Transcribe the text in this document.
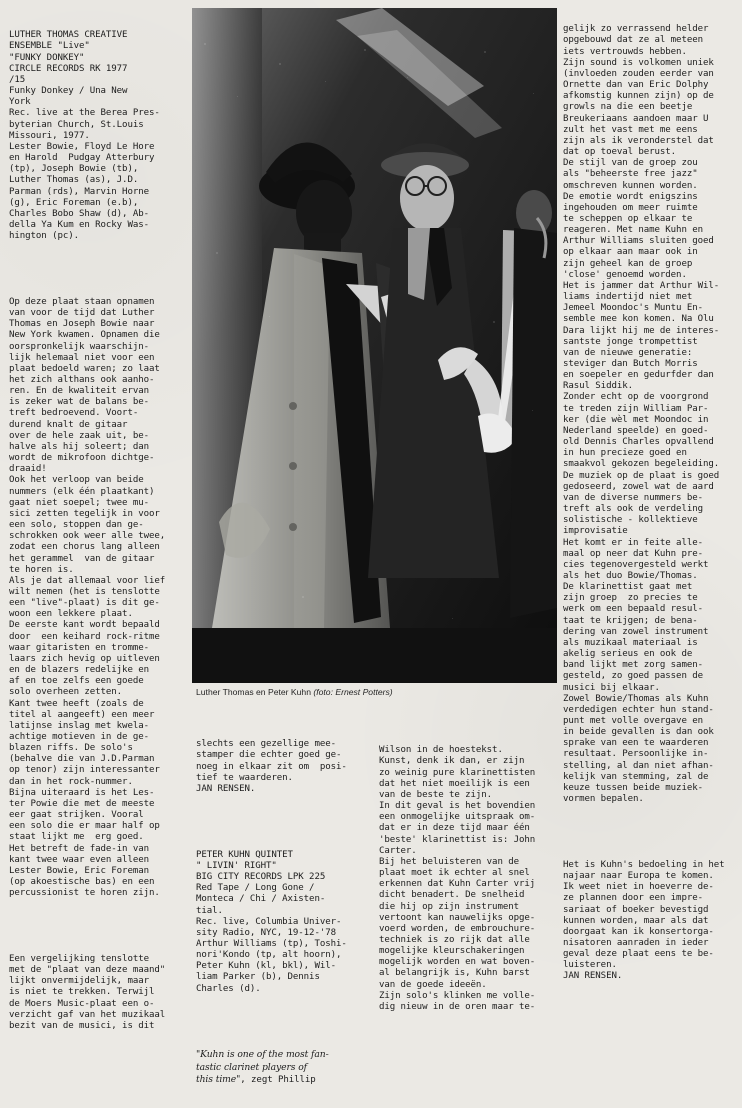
LUTHER THOMAS CREATIVE
ENSEMBLE "Live"
"FUNKY DONKEY"
CIRCLE RECORDS RK 1977
/15
Funky Donkey / Una New
York
Rec. live at the Berea Pres-
byterian Church, St.Louis
Missouri, 1977.
Lester Bowie, Floyd Le Hore
en Harold  Pudgay Atterbury
(tp), Joseph Bowie (tb),
Luther Thomas (as), J.D.
Parman (rds), Marvin Horne
(g), Eric Foreman (e.b),
Charles Bobo Shaw (d), Ab-
della Ya Kum en Rocky Was-
hington (pc).

Op deze plaat staan opnamen
van voor de tijd dat Luther
Thomas en Joseph Bowie naar
New York kwamen. Opnamen die
oorspronkelijk waarschijn-
lijk helemaal niet voor een
plaat bedoeld waren; zo laat
het zich althans ook aanho-
ren. En de kwaliteit ervan
is zeker wat de balans be-
treft bedroevend. Voort-
durend knalt de gitaar
over de hele zaak uit, be-
halve als hij soleert; dan
wordt de mikrofoon dichtge-
draaid!
Ook het verloop van beide
nummers (elk één plaatkant)
gaat niet soepel; twee mu-
sici zetten tegelijk in voor
een solo, stoppen dan ge-
schrokken ook weer alle twee,
zodat een chorus lang alleen
het gerammel  van de gitaar
te horen is.
Als je dat allemaal voor lief
wilt nemen (het is tenslotte
een "live"-plaat) is dit ge-
woon een lekkere plaat.
De eerste kant wordt bepaald
door  een keihard rock-ritme
waar gitaristen en tromme-
laars zich hevig op uitleven
en de blazers redelijke en
af en toe zelfs een goede
solo overheen zetten.
Kant twee heeft (zoals de
titel al aangeeft) een meer
latijnse inslag met kwela-
achtige motieven in de ge-
blazen riffs. De solo's
(behalve die van J.D.Parman
op tenor) zijn interessanter
dan in het rock-nummer.
Bijna uiteraard is het Les-
ter Powie die met de meeste
eer gaat strijken. Vooral
een solo die er maar half op
staat lijkt me  erg goed.
Het betreft de fade-in van
kant twee waar even alleen
Lester Bowie, Eric Foreman
(op akoestische bas) en een
percussionist te horen zijn.

Een vergelijking tenslotte
met de "plaat van deze maand"
lijkt onvermijdelijk, maar
is niet te trekken. Terwijl
de Moers Music-plaat een o-
verzicht gaf van het muzikaal
bezit van de musici, is dit

Luther Thomas en Peter Kuhn (foto: Ernest Potters)

slechts een gezellige mee-
stamper die echter goed ge-
noeg in elkaar zit om  posi-
tief te waarderen.
JAN RENSEN.

PETER KUHN QUINTET
" LIVIN' RIGHT"
BIG CITY RECORDS LPK 225
Red Tape / Long Gone /
Monteca / Chi / Axisten-
tial.
Rec. live, Columbia Univer-
sity Radio, NYC, 19-12-'78
Arthur Williams (tp), Toshi-
nori'Kondo (tp, alt hoorn),
Peter Kuhn (kl, bkl), Wil-
liam Parker (b), Dennis
Charles (d).

"Kuhn is one of the most fan-
tastic clarinet players of
this time", zegt Phillip

Wilson in de hoestekst.
Kunst, denk ik dan, er zijn
zo weinig pure klarinettisten
dat het niet moeilijk is een
van de beste te zijn.
In dit geval is het bovendien
een onmogelijke uitspraak om-
dat er in deze tijd maar één
'beste' klarinettist is: John
Carter.
Bij het beluisteren van de
plaat moet ik echter al snel
erkennen dat Kuhn Carter vrij
dicht benadert. De snelheid
die hij op zijn instrument
vertoont kan nauwelijks opge-
voerd worden, de embrouchure-
techniek is zo rijk dat alle
mogelijke kleurschakeringen
mogelijk worden en wat boven-
al belangrijk is, Kuhn barst
van de goede ideeën.
Zijn solo's klinken me volle-
dig nieuw in de oren maar te-

gelijk zo verrassend helder
opgebouwd dat ze al meteen
iets vertrouwds hebben.
Zijn sound is volkomen uniek
(invloeden zouden eerder van
Ornette dan van Eric Dolphy
afkomstig kunnen zijn) op de
growls na die een beetje
Breukeriaans aandoen maar U
zult het vast met me eens
zijn als ik veronderstel dat
dat op toeval berust.
De stijl van de groep zou
als "beheerste free jazz"
omschreven kunnen worden.
De emotie wordt enigszins
ingehouden om meer ruimte
te scheppen op elkaar te
reageren. Met name Kuhn en
Arthur Williams sluiten goed
op elkaar aan maar ook in
zijn geheel kan de groep
'close' genoemd worden.
Het is jammer dat Arthur Wil-
liams indertijd niet met
Jemeel Moondoc's Muntu En-
semble mee kon komen. Na Olu
Dara lijkt hij me de interes-
santste jonge trompettist
van de nieuwe generatie:
steviger dan Butch Morris
en soepeler en gedurfder dan
Rasul Siddik.
Zonder echt op de voorgrond
te treden zijn William Par-
ker (die wèl met Moondoc in
Nederland speelde) en goed-
old Dennis Charles opvallend
in hun precieze goed en
smaakvol gekozen begeleiding.
De muziek op de plaat is goed
gedoseerd, zowel wat de aard
van de diverse nummers be-
treft als ook de verdeling
solistische - kollektieve
improvisatie
Het komt er in feite alle-
maal op neer dat Kuhn pre-
cies tegenovergesteld werkt
als het duo Bowie/Thomas.
De klarinettist gaat met
zijn groep  zo precies te
werk om een bepaald resul-
taat te krijgen; de bena-
dering van zowel instrument
als muzikaal materiaal is
akelig serieus en ook de
band lijkt met zorg samen-
gesteld, zo goed passen de
musici bij elkaar.
Zowel Bowie/Thomas als Kuhn
verdedigen echter hun stand-
punt met volle overgave en
in beide gevallen is dan ook
sprake van een te waarderen
resultaat. Persoonlijke in-
stelling, al dan niet afhan-
kelijk van stemming, zal de
keuze tussen beide muziek-
vormen bepalen.

Het is Kuhn's bedoeling in het
najaar naar Europa te komen.
Ik weet niet in hoeverre de-
ze plannen door een impre-
sariaat of boeker bevestigd
kunnen worden, maar als dat
doorgaat kan ik konsertorga-
nisatoren aanraden in ieder
geval deze plaat eens te be-
luisteren.
JAN RENSEN.
